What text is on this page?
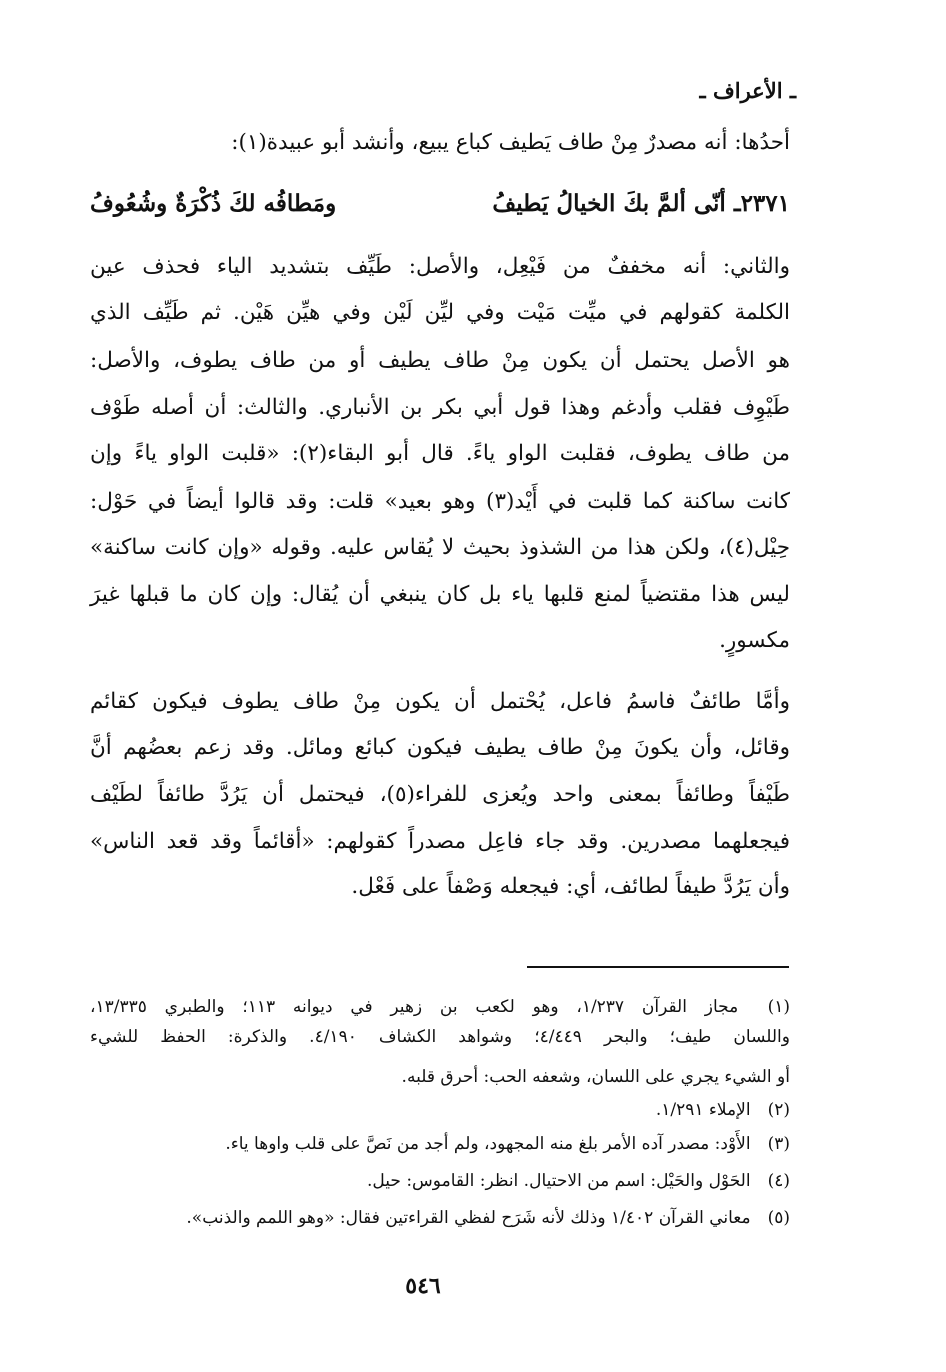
ـ الأعراف ـ
أحدُها: أنه مصدرٌ مِنْ طاف يَطيف كباع يبيع، وأنشد أبو عبيدة(١):
٢٣٧١ـ أنّى ألمَّ بكَ الخيالُ يَطيفُ
ومَطافُه لكَ ذُكْرَةٌ وشُعُوفُ
والثاني: أنه مخففٌ من فَيْعِل، والأصل: طَيِّف بتشديد الياء فحذف عين
الكلمة كقولهم في ميِّت مَيْت وفي ليِّن لَيْن وفي هيِّن هَيْن. ثم طَيِّف الذي
هو الأصل يحتمل أن يكون مِنْ طاف يطيف أو من طاف يطوف، والأصل:
طَيْوِف فقلب وأدغم وهذا قول أبي بكر بن الأنباري. والثالث: أن أصله طَوْف
من طاف يطوف، فقلبت الواو ياءً. قال أبو البقاء(٢): «قلبت الواو ياءً وإن
كانت ساكنة كما قلبت في أَيْد(٣) وهو بعيد» قلت: وقد قالوا أيضاً في حَوْل:
حِيْل(٤)، ولكن هذا من الشذوذ بحيث لا يُقاس عليه. وقوله «وإن كانت ساكنة»
ليس هذا مقتضياً لمنع قلبها ياء بل كان ينبغي أن يُقال: وإن كان ما قبلها غيرَ
مكسورٍ.
وأمَّا طائفٌ فاسمُ فاعل، يُحْتمل أن يكون مِنْ طاف يطوف فيكون كقائم
وقائل، وأن يكونَ مِنْ طاف يطيف فيكون كبائع ومائل. وقد زعم بعضُهم أنَّ
طَيْفاً وطائفاً بمعنى واحد ويُعزى للفراء(٥)، فيحتمل أن يَرُدَّ طائفاً لطَيْف
فيجعلهما مصدرين. وقد جاء فاعِل مصدراً كقولهم: «أقائماً وقد قعد الناس»
وأن يَرُدَّ طيفاً لطائف، أي: فيجعله وَصْفاً على فَعْل.
(١) مجاز القرآن ١/٢٣٧، وهو لكعب بن زهير في ديوانه ١١٣؛ والطبري ١٣/٣٣٥،
واللسان طيف؛ والبحر ٤/٤٤٩؛ وشواهد الكشاف ٤/١٩٠. والذكرة: الحفظ للشيء
أو الشيء يجري على اللسان، وشعفه الحب: أحرق قلبه.
(٢) الإملاء ١/٢٩١.
(٣) الأَوْد: مصدر آده الأمر بلغ منه المجهود، ولم أجد من نَصَّ على قلب واوها ياء.
(٤) الحَوْل والحَيْل: اسم من الاحتيال. انظر: القاموس: حيل.
(٥) معاني القرآن ١/٤٠٢ وذلك لأنه شَرَح لفظي القراءتين فقال: «وهو اللمم والذنب».
٥٤٦
